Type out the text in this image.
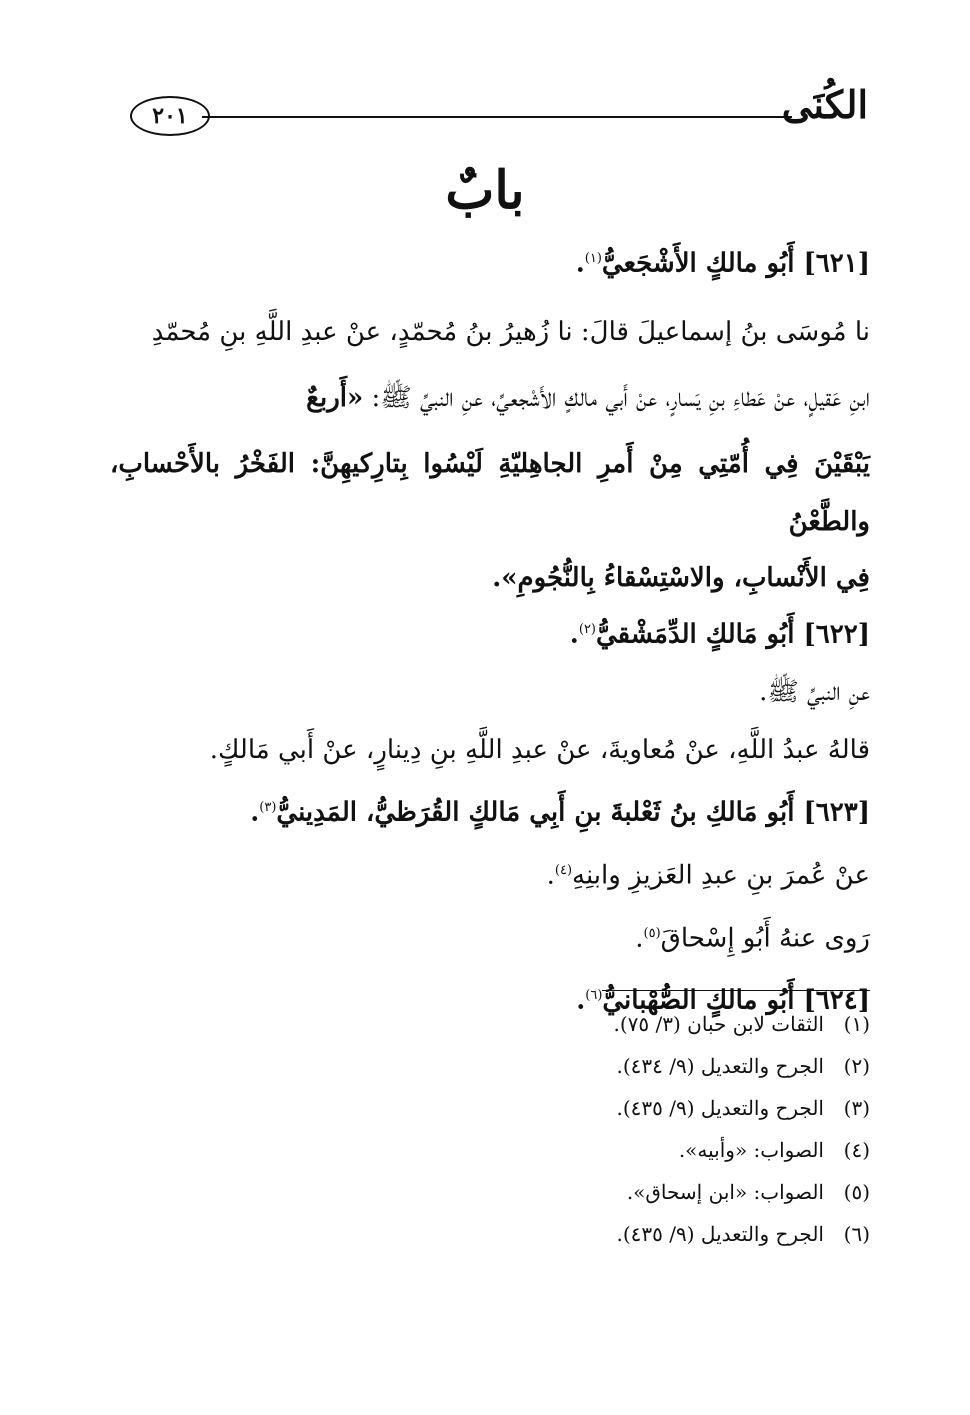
الكُنَى
٢٠١
بابٌ
[٦٢١] أَبُو مالكٍ الأَشْجَعيُّ$^{(١)}$.
نا مُوسَى بنُ إسماعيلَ قالَ: نا زُهيرُ بنُ مُحمّدٍ، عنْ عبدِ اللَّهِ بنِ مُحمّدِ
ابنِ عَقيلٍ، عنْ عَطاءِ بنِ يَسارٍ، عنْ أَبي مالكٍ الأَشْجعيِّ، عنِ النبيِّ ﷺ: «أَربعٌ
يَبْقَيْنَ فِي أُمّتِي مِنْ أَمرِ الجاهِليّةِ لَيْسُوا بِتارِكيهِنَّ: الفَخْرُ بالأَحْسابِ، والطَّعْنُ
فِي الأَنْسابِ، والاسْتِسْقاءُ بِالنُّجُومِ».
[٦٢٢] أَبُو مَالكٍ الدِّمَشْقيُّ$^{(٢)}$.
عنِ النبيِّ ﷺ.
قالهُ عبدُ اللَّهِ، عنْ مُعاويةَ، عنْ عبدِ اللَّهِ بنِ دِينارٍ، عنْ أَبي مَالكٍ.
[٦٢٣] أَبُو مَالكِ بنُ ثَعْلبةَ بنِ أَبِي مَالكٍ القُرَظيُّ، المَدِينيُّ$^{(٣)}$.
عنْ عُمرَ بنِ عبدِ العَزيزِ وابنِهِ$^{(٤)}$.
رَوى عنهُ أَبُو إِسْحاقَ$^{(٥)}$.
[٦٢٤] أَبُو مالكٍ الصُّهْبانيُّ$^{(٦)}$.
(١)
الثقات لابن حبان (٣/ ٧٥).
(٢)
الجرح والتعديل (٩/ ٤٣٤).
(٣)
الجرح والتعديل (٩/ ٤٣٥).
(٤)
الصواب: «وأبيه».
(٥)
الصواب: «ابن إسحاق».
(٦)
الجرح والتعديل (٩/ ٤٣٥).
